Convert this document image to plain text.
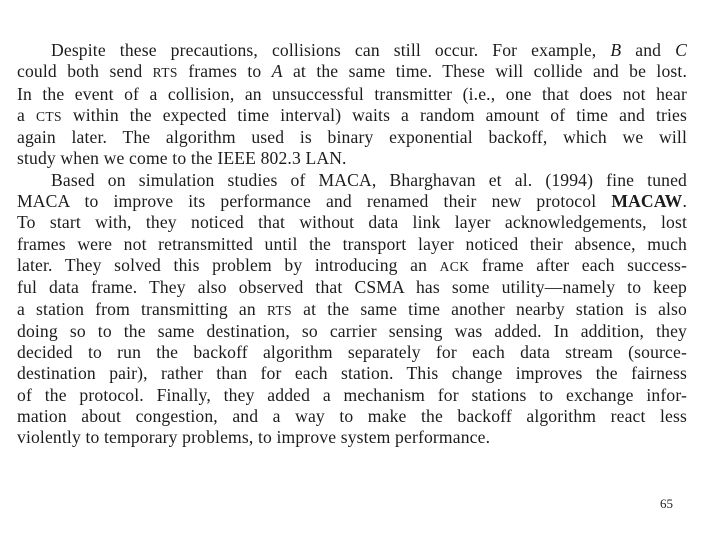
Despite these precautions, collisions can still occur. For example, B and C
could both send RTS frames to A at the same time. These will collide and be lost.
In the event of a collision, an unsuccessful transmitter (i.e., one that does not hear
a CTS within the expected time interval) waits a random amount of time and tries
again later. The algorithm used is binary exponential backoff, which we will
study when we come to the IEEE 802.3 LAN.

Based on simulation studies of MACA, Bharghavan et al. (1994) fine tuned
MACA to improve its performance and renamed their new protocol MACAW.
To start with, they noticed that without data link layer acknowledgements, lost
frames were not retransmitted until the transport layer noticed their absence, much
later. They solved this problem by introducing an ACK frame after each success-
ful data frame. They also observed that CSMA has some utility—namely to keep
a station from transmitting an RTS at the same time another nearby station is also
doing so to the same destination, so carrier sensing was added. In addition, they
decided to run the backoff algorithm separately for each data stream (source-
destination pair), rather than for each station. This change improves the fairness
of the protocol. Finally, they added a mechanism for stations to exchange infor-
mation about congestion, and a way to make the backoff algorithm react less
violently to temporary problems, to improve system performance.

65
